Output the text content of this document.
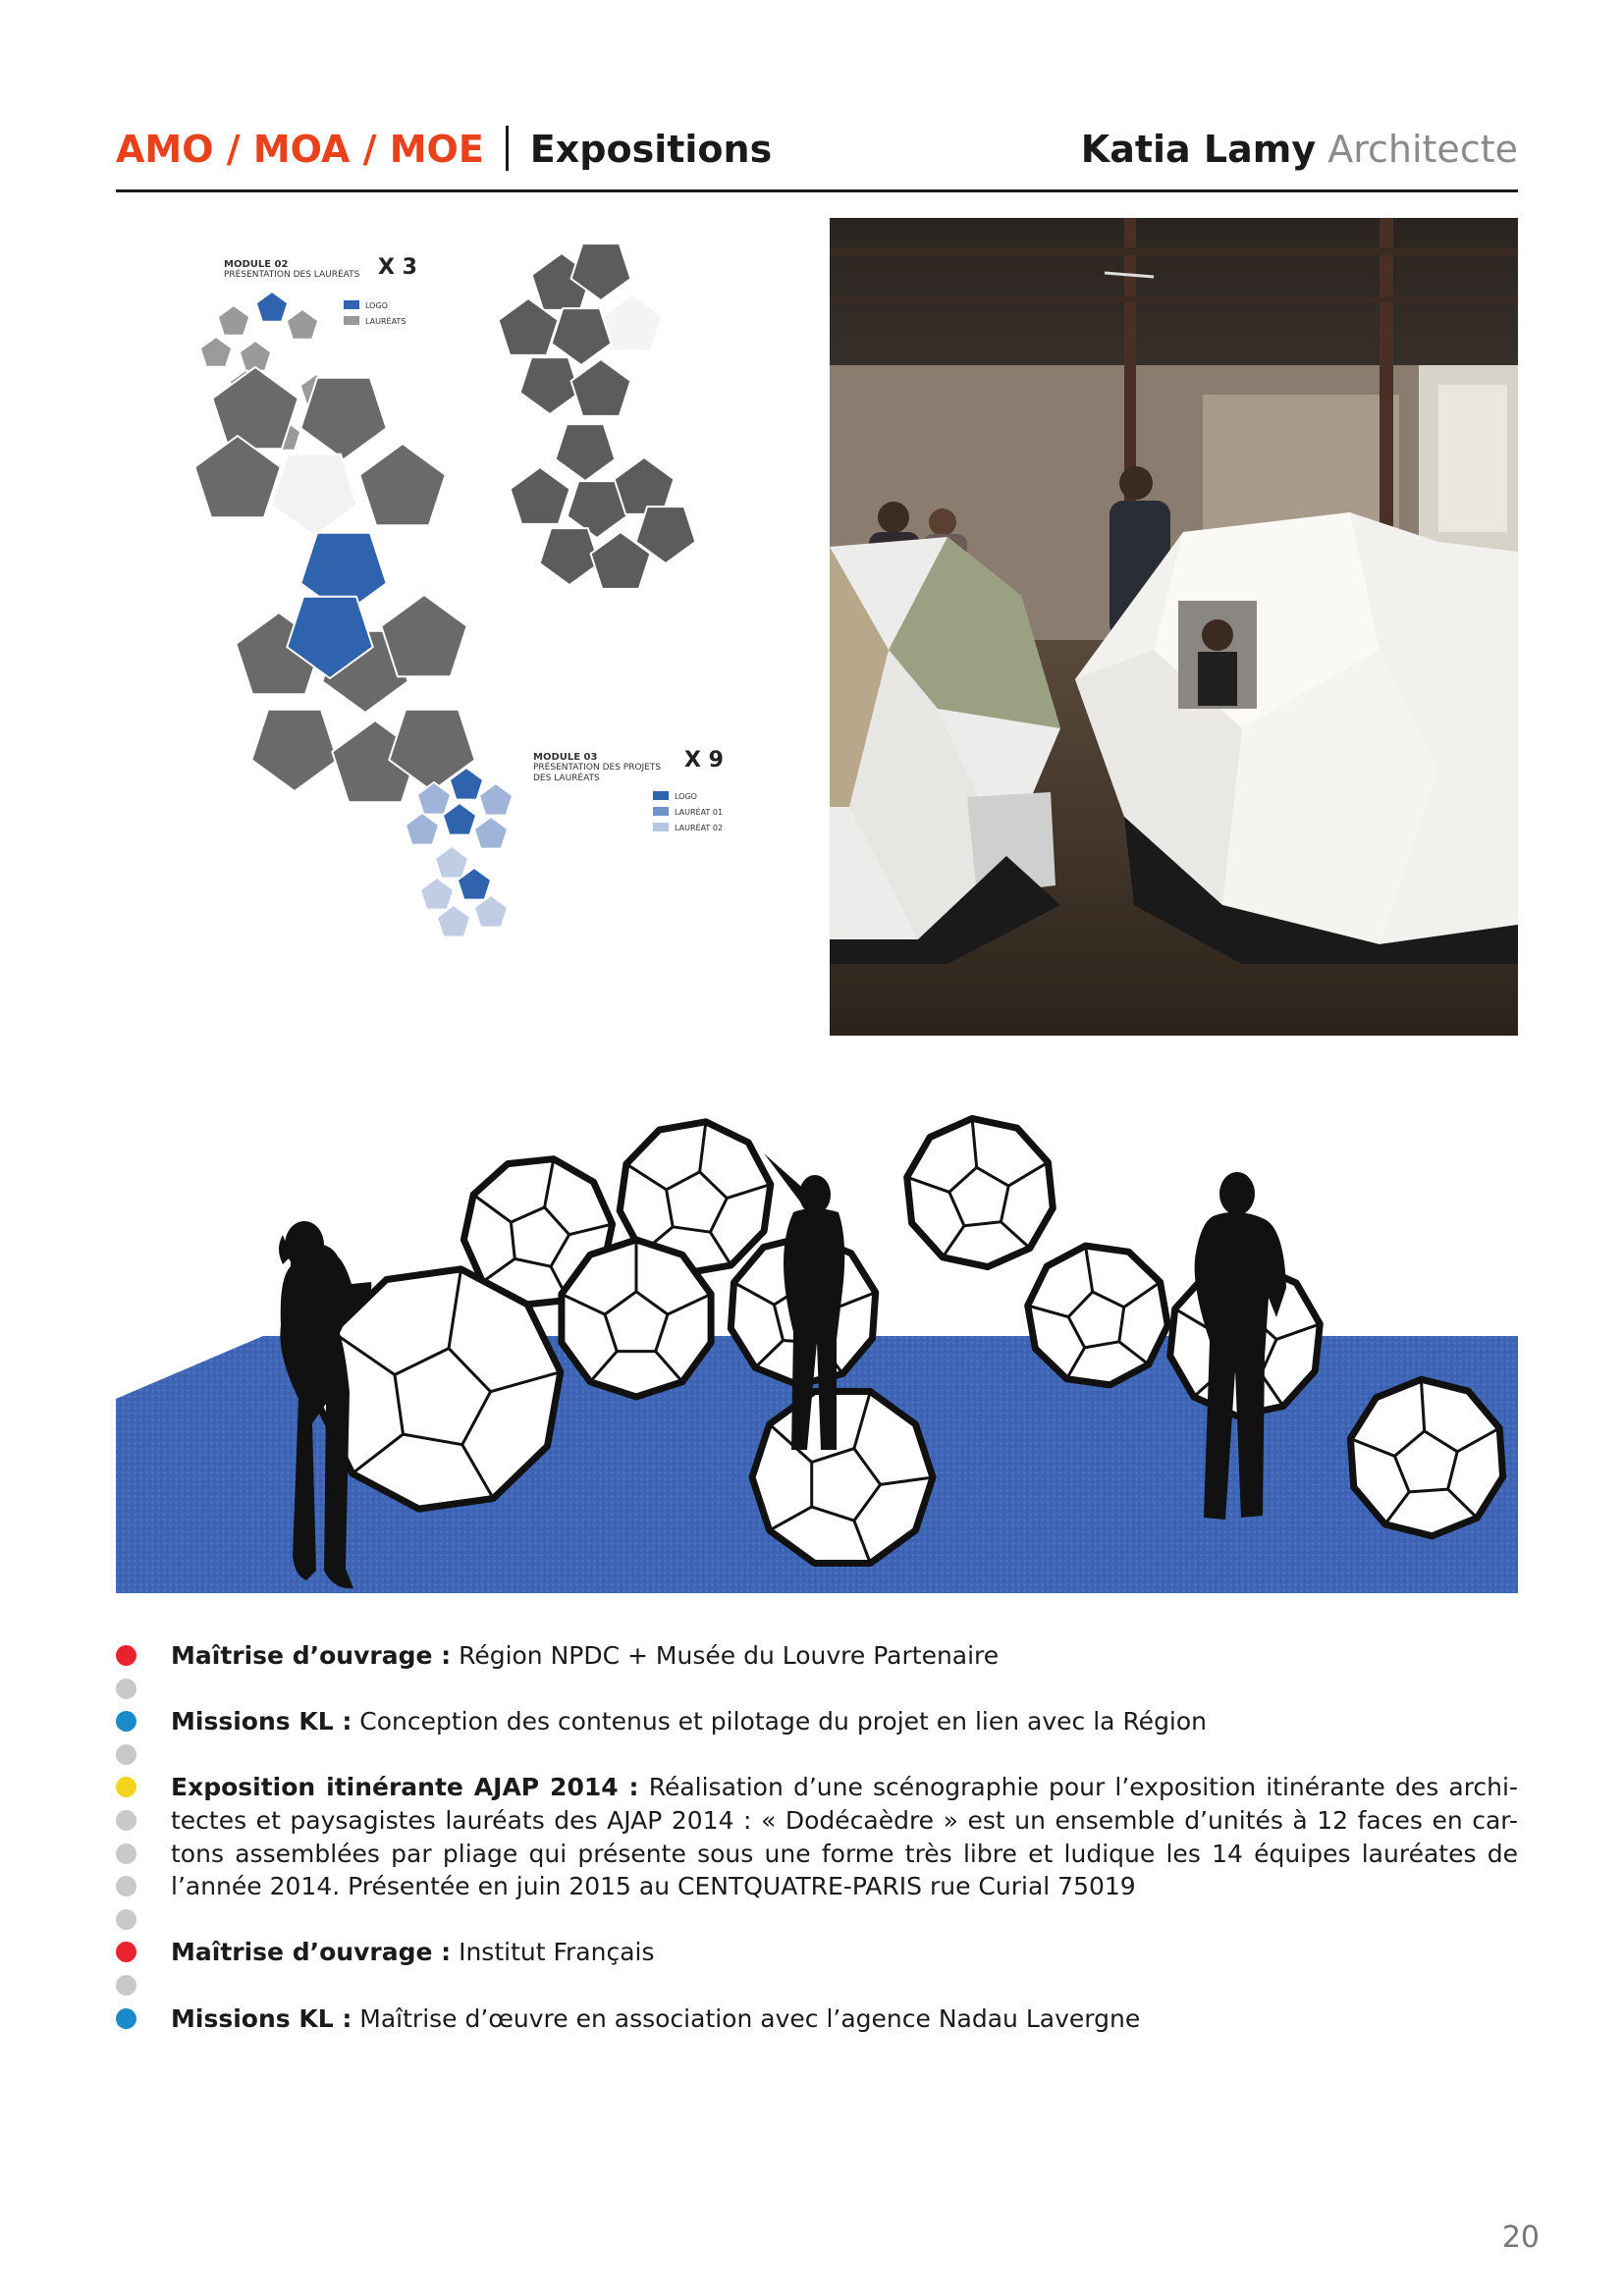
AMO / MOA / MOE Expositions	Katia Lamy Architecte
MODULE 02
PRÉSENTATION DES LAURÉATS X 3
LOGO
LAURÉATS
MODULE 03
PRÉSENTATION DES PROJETS
DES LAURÉATS
X 9
LOGO
LAURÉAT 01
LAURÉAT 02
Maîtrise d’ouvrage : Région NPDC + Musée du Louvre Partenaire
Missions KL : Conception des contenus et pilotage du projet en lien avec la Région
Exposition itinérante AJAP 2014 : Réalisation d’une scénographie pour l’exposition itinérante des archi-
tectes et paysagistes lauréats des AJAP 2014 : « Dodécaèdre » est un ensemble d’unités à 12 faces en car-
tons assemblées par pliage qui présente sous une forme très libre et ludique les 14 équipes lauréates de
l’année 2014. Présentée en juin 2015 au CENTQUATRE-PARIS rue Curial 75019
Maîtrise d’ouvrage : Institut Français
Missions KL : Maîtrise d’œuvre en association avec l’agence Nadau Lavergne
20
